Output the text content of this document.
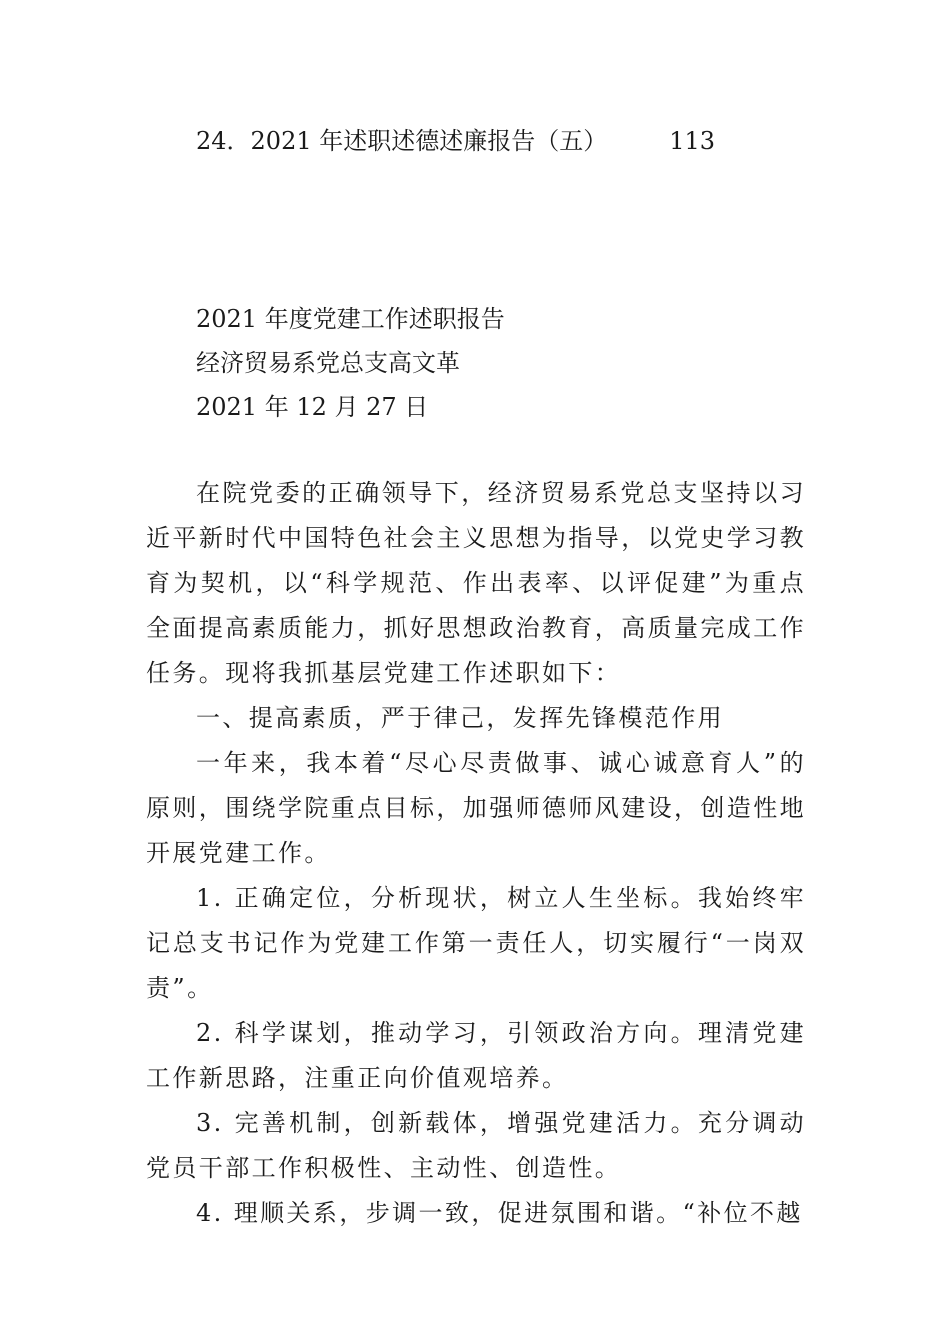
24．2021 年述职述德述廉报告（五）	113
2021 年度党建工作述职报告
经济贸易系党总支高文革
2021 年 12 月 27 日

在院党委的正确领导下，经济贸易系党总支坚持以习近平新时代中国特色社会主义思想为指导，以党史学习教育为契机，以“科学规范、作出表率、以评促建”为重点全面提高素质能力，抓好思想政治教育，高质量完成工作任务。现将我抓基层党建工作述职如下：

一、提高素质，严于律己，发挥先锋模范作用

一年来，我本着“尽心尽责做事、诚心诚意育人”的原则，围绕学院重点目标，加强师德师风建设，创造性地开展党建工作。

1. 正确定位，分析现状，树立人生坐标。我始终牢记总支书记作为党建工作第一责任人，切实履行“一岗双责”。

2. 科学谋划，推动学习，引领政治方向。理清党建工作新思路，注重正向价值观培养。

3. 完善机制，创新载体，增强党建活力。充分调动党员干部工作积极性、主动性、创造性。

4. 理顺关系，步调一致，促进氛围和谐。“补位不越
